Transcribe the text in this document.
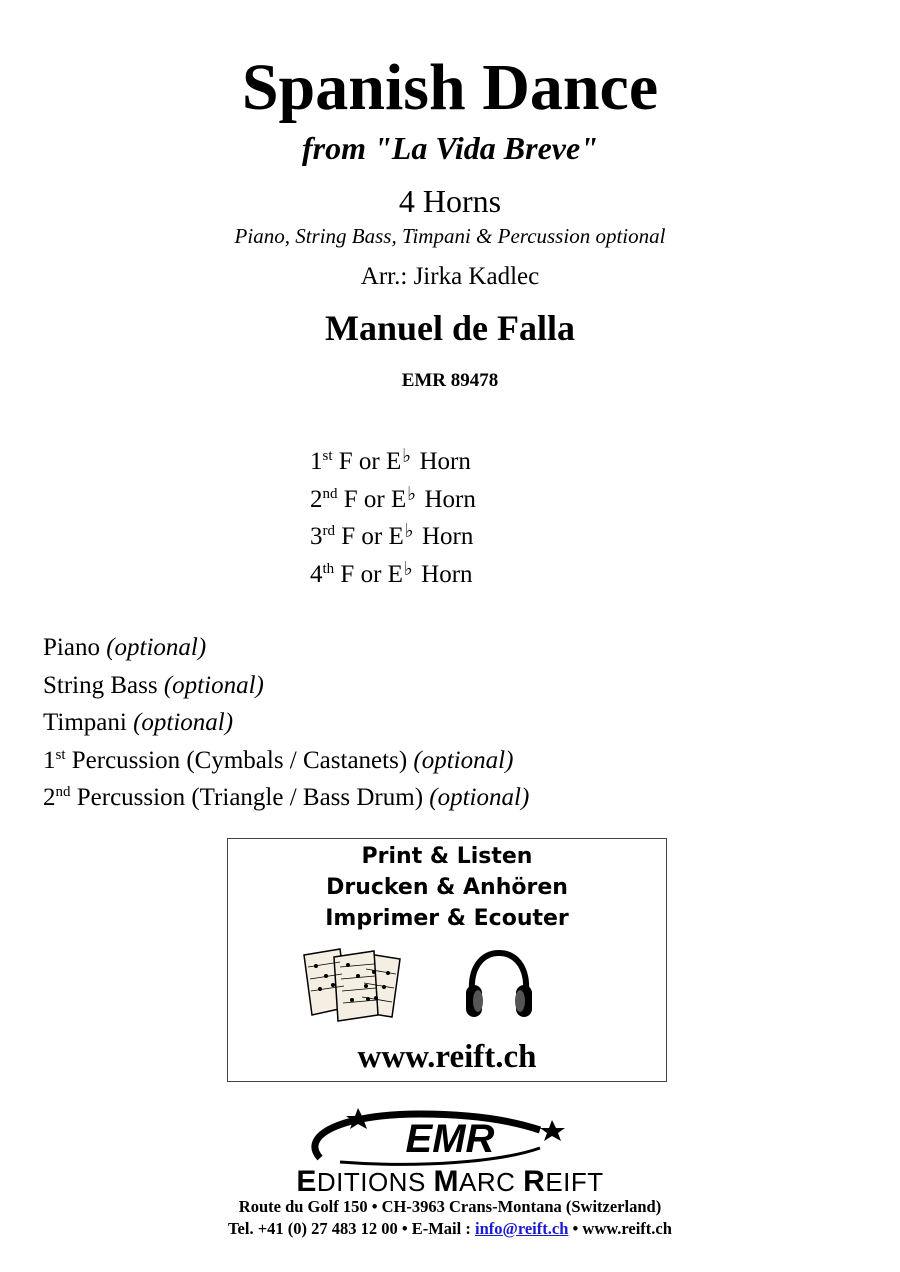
Spanish Dance
from "La Vida Breve"
4 Horns
Piano, String Bass, Timpani & Percussion optional
Arr.: Jirka Kadlec
Manuel de Falla
EMR 89478
1st F or E♭ Horn
2nd F or E♭ Horn
3rd F or E♭ Horn
4th F or E♭ Horn
Piano (optional)
String Bass (optional)
Timpani (optional)
1st Percussion (Cymbals / Castanets) (optional)
2nd Percussion (Triangle / Bass Drum) (optional)
Print & Listen
Drucken & Anhören
Imprimer & Ecouter
www.reift.ch
EMR
EDITIONS MARC REIFT
Route du Golf 150 • CH-3963 Crans-Montana (Switzerland)
Tel. +41 (0) 27 483 12 00 • E-Mail : info@reift.ch • www.reift.ch
